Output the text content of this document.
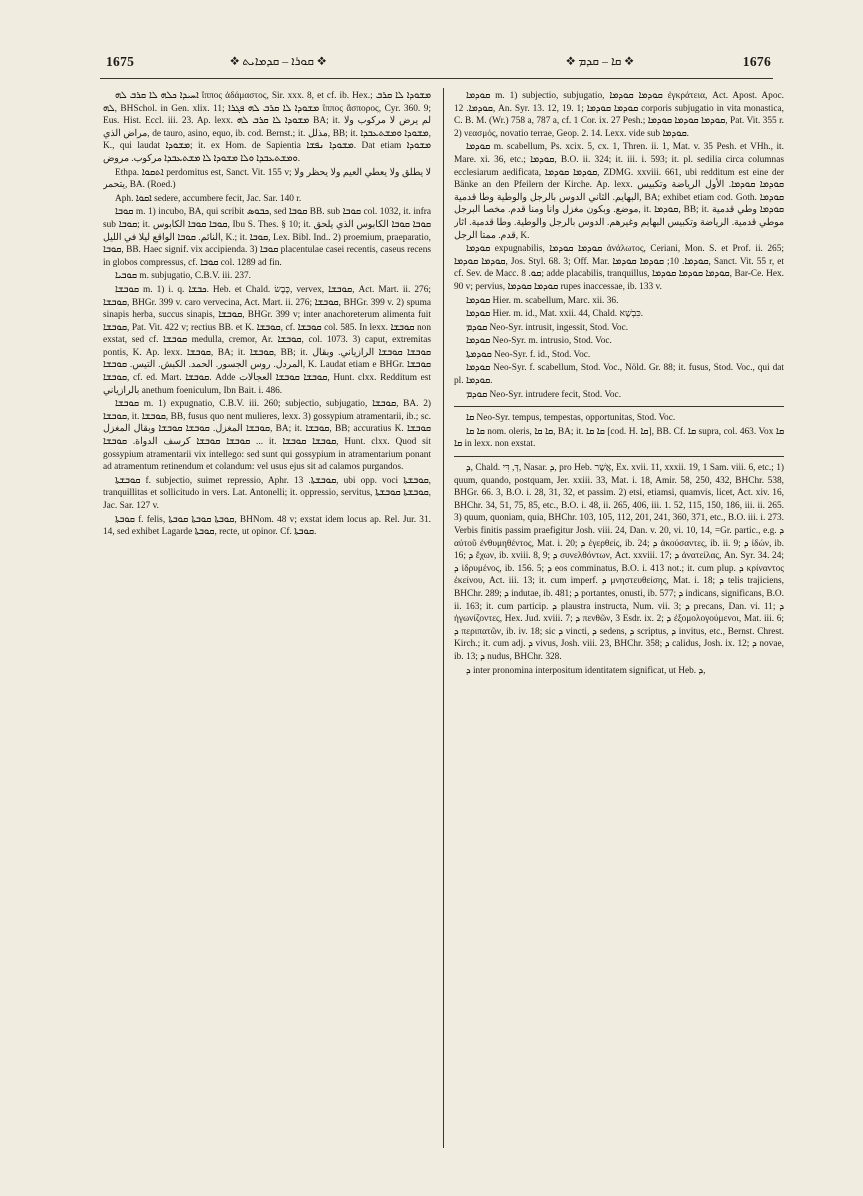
1675	❖ ܩܘܪܐ ‒ ܩܕܡܐܝܬ ❖	❖ ܩܐ ‒ ܩܕܡ ❖	1676

ܐܚܝܕܐ ܟܠܗ ܠܐ ܩܪܒ ܠܗ ἵππος ἀδάμαστος, Sir. xxx. 8, et cf. ib. Hex.; ܡܫܘܕܐ ܠܐ ܩܪܒ ܠܗ, BHSchol. in Gen. xlix. 11; ܡܫܘܕܐ ܠܐ ܩܪܒ ܠܗ ܦܓܪܐ ἵππος ἄσπορος, Cyr. 360. 9; Eus. Hist. Eccl. iii. 23. Ap. lexx. ܡܫܘܕܐ ܠܐ ܩܪܒ ܠܗ BA; it. لم يرض لا مركوب ولا مراض الذي, de tauro, asino, equo, ib. cod. Bernst.; it. مذلل, BB; it. ܡܫܘܕܐ ܘܡܫܬܥܒܕܐ, K., qui laudat ܡܫܘܕܐ; it. ex Hom. de Sapientia ܡܫܘܕܐ ܢܦܫܐ. Dat etiam ܡܫܘܕܐ ܘܡܫܬܥܒܕܐ ܘܠܐ ܡܫܘܕܐ ܠܐ ܡܫܬܥܒܕܐ مركوب. مروض.

Ethpa. ܐܬܩܘܐ perdomitus est, Sanct. Vit. 155 v; لا يطلق ولا يعطي العيم ولا يحظر ولا يتحمر, BA. (Roed.)

Aph. ܐܩܘܐ sedere, accumbere fecit, Jac. Sar. 140 r.

ܩܘܒܐ m. 1) incubo, BA, qui scribit ܟܒܘܣ, sed ܩܘܒܐ BB. sub ܩܘܒܐ col. 1032, it. infra sub ܩܘܒܐ; it. ܩܘܒܐ ܩܘܒܐ الكابوس, Ibu S. Thes. § 10; it. ܩܘܒܐ ܩܘܒܐ الكابوس الذي يلحق النائم. ܩܘܒܐ الواقع ليلا في الليل, K.; it. ܩܘܒܐ, Lex. Bibl. Ind.. 2) proemium, praeparatio, ܩܘܒܐ, BB. Haec signif. vix accipienda. 3) ܩܘܒܐ placentulae casei recentis, caseus recens in globos compressus, cf. ܩܘܒܐ col. 1289 ad fin.

ܩܘܒܝܐ m. subjugatio, C.B.V. iii. 237.

ܩܘܒܫܐ m. 1) i. q. ܟܒܫܐ. Heb. et Chald. כֶּבֶשׂ, vervex, ܩܘܒܫܐ, Act. Mart. ii. 276; ܩܘܒܫܐ, BHGr. 399 v. caro vervecina, Act. Mart. ii. 276; ܩܘܒܫܐ, BHGr. 399 v. 2) spuma sinapis herba, succus sinapis, ܩܘܒܫܐ, BHGr. 399 v; inter anachoreterum alimenta fuit ܩܘܒܫܐ, Pat. Vit. 422 v; rectius BB. et K. ܩܘܒܫܐ, cf. ܩܘܒܫܐ col. 585. In lexx. ܩܘܒܫܐ non exstat, sed cf. ܩܘܒܫܐ medulla, cremor, Ar. ܩܘܒܫܐ, col. 1073. 3) caput, extremitas pontis, K. Ap. lexx. ܩܘܒܫܐ, BA; it. ܩܘܒܫܐ, BB; it. ܩܘܒܫܐ ܩܘܒܫܐ الرازياني. وبقال المردل. روس الجسور. الحمد. الكبش. التيس. ܩܘܒܫܐ, K. Laudat etiam e BHGr. ܩܘܒܫܐ ܩܘܒܫܐ, cf. ed. Mart. ܩܘܒܫܐ. Adde ܩܘܒܫܐ ܩܘܒܫܐ العجالات, Hunt. clxx. Redditum est بالرازياني anethum foeniculum, Ibn Bait. i. 486.

ܩܘܒܫܐ m. 1) expugnatio, C.B.V. iii. 260; subjectio, subjugatio, ܩܘܒܫܐ, BA. 2) ܩܘܒܫܐ, it. ܩܘܒܫܐ, BB, fusus quo nent mulieres, lexx. 3) gossypium atramentarii, ib.; sc. ܩܘܒܫܐ المغزل. ܩܘܒܫܐ ܩܘܒܫܐ وبقال المغزل, BA; it. ܩܘܒܫܐ, BB; accuratius K. ܩܘܒܫܐ ܩܘܒܫܐ ܩܘܒܫܐ كرسف الدواة. ܩܘܒܫܐ ... it. ܩܘܒܫܐ ܩܘܒܫܐ, Hunt. clxx. Quod sit gossypium atramentarii vix intellego: sed sunt qui gossypium in atramentarium ponant ad atramentum retinendum et colandum: vel usus ejus sit ad calamos purgandos.

ܩܘܒܫܬܐ f. subjectio, suimet repressio, Aphr. ܩܘܒܫܬܐ. 13, ubi opp. voci ܩܘܒܫܬܐ, tranquillitas et sollicitudo in vers. Lat. Antonelli; it. oppressio, servitus, ܩܘܒܫܬܐ ܩܘܒܫܬܐ, Jac. Sar. 127 v.

ܩܘܒܬܐ f. felis, ܩܘܒܬܐ ܩܘܒܬܐ ܩܘܒܬܐ, BHNom. 48 v; exstat idem locus ap. Rel. Jur. 31. 14, sed exhibet Lagarde ܩܘܒܬܐ, recte, ut opinor. Cf. ܩܘܒܬܐ.

ܩܘܕܡܐ m. 1) subjectio, subjugatio, ܩܘܕܡܐ ܩܘܕܡܐ ἐγκράτεια, Act. Apost. Apoc. ܩܘܕܡܐ. 12, An. Syr. 13. 12, 19. 1; ܩܘܕܡܐ ܩܘܕܡܐ corporis subjugatio in vita monastica, C. B. M. (Wr.) 758 a, 787 a, cf. 1 Cor. ix. 27 Pesh.; ܩܘܕܡܐ ܩܘܕܡܐ ܩܘܕܡܐ, Pat. Vit. 355 r. 2) νεασμός, novatio terrae, Geop. 2. 14. Lexx. vide sub ܩܘܕܡܐ.

ܩܘܕܡܐ m. scabellum, Ps. xcix. 5, cx. 1, Thren. ii. 1, Mat. v. 35 Pesh. et VHh., it. Mare. xi. 36, etc.; ܩܘܕܡܐ, B.O. ii. 324; it. iii. i. 593; it. pl. sedilia circa columnas ecclesiarum aedificata, ܩܘܕܡܐ ܩܘܕܡܐ, ZDMG. xxviii. 661, ubi redditum est eine der Bänke an den Pfeilern der Kirche. Ap. lexx. ܩܘܕܡܐ ܩܘܕܡܐ. الأول الرياضة وتكبيس البهايم. الثاني الدوس بالرجل والوطية وطا قدمية, BA; exhibet etiam cod. Goth. ܩܘܕܡܐ موضع. وبكون مغزل وانا ومنا قدم. مخصا البرجل, it. ܩܘܕܡܐ, BB; it. ܩܘܕܡܐ وطي قدمية موطي قدمية. الرياضة وتكبيس البهايم وغيرهم. الدوس بالرجل والوطية. وطا قدمية. اثار قدم. ممتا الرجل, K.

ܩܘܕܡܐ expugnabilis, ܩܘܕܡܐ ܩܘܕܡܐ ἀνάλωτος, Ceriani, Mon. S. et Prof. ii. 265; ܩܘܕܡܐ ܩܘܕܡܐ, Jos. Styl. 68. 3; Off. Mar. ܩܘܕܡܐ. 10; ܩܘܕܡܐ ܩܘܕܡܐ, Sanct. Vit. 55 r, et cf. Sev. de Macc. ܩܘ. 8; adde placabilis, tranquillus, ܩܘܕܡܐ ܩܘܕܡܐ ܩܘܕܡܐ, Bar-Ce. Hex. 90 v; pervius, ܩܘܕܡܐ ܩܘܕܡܐ rupes inaccessae, ib. 133 v.

ܩܘܕܡܐ Hier. m. scabellum, Marc. xii. 36.

ܩܘܕܡܐ Hier. m. id., Mat. xxii. 44, Chald. כִּבְשָׁא.

ܩܘܕܡ Neo-Syr. intrusit, ingessit, Stod. Voc.

ܩܘܕܡܐ Neo-Syr. m. intrusio, Stod. Voc.

ܩܘܕܡܬܐ Neo-Syr. f. id., Stod. Voc.

ܩܘܕܡܐ Neo-Syr. f. scabellum, Stod. Voc., Nöld. Gr. 88; it. fusus, Stod. Voc., qui dat pl. ܩܘܕܡܐ.

ܩܘܕܡ Neo-Syr. intrudere fecit, Stod. Voc.

ܩܐ Neo-Syr. tempus, tempestas, opportunitas, Stod. Voc.

ܩܐ ܩܐ nom. oleris, ܩܐ ܩܐ, BA; it. ܩܐ ܩܐ [cod. H. ܩܐ], BB. Cf. ܩܐ supra, col. 463. Vox ܩܐ ܩܐ in lexx. non exstat.

ܕ, Chald. דְּ, דִּי, Nasar. ܕ, pro Heb. אֲשֶׁר, Ex. xvii. 11, xxxii. 19, 1 Sam. viii. 6, etc.; 1) quum, quando, postquam, Jer. xxiii. 33, Mat. i. 18, Amir. 58, 250, 432, BHChr. 538, BHGr. 66. 3, B.O. i. 28, 31, 32, et passim. 2) etsi, etiamsi, quamvis, licet, Act. xiv. 16, BHChr. 34, 51, 75, 85, etc., B.O. i. 48, ii. 265, 406, iii. 1. 52, 115, 150, 186, iii. ii. 265. 3) quum, quoniam, quia, BHChr. 103, 105, 112, 201, 241, 360, 371, etc., B.O. iii. i. 273. Verbis finitis passim praefigitur Josh. viii. 24, Dan. v. 20, vi. 10, 14, =Gr. partic., e.g. ܕ αὐτοῦ ἐνθυμηθέντος, Mat. i. 20; ܕ ἐγερθείς, ib. 24; ܕ ἀκούσαντες, ib. ii. 9; ܕ ἰδών, ib. 16; ܕ ἔχων, ib. xviii. 8, 9; ܕ συνελθόντων, Act. xxviii. 17; ܕ ἀνατείλας, An. Syr. 34. 24; ܕ ἱδρυμένος, ib. 156. 5; ܕ eos comminatus, B.O. i. 413 not.; it. cum plup. ܕ κρίναντος ἐκείνου, Act. iii. 13; it. cum imperf. ܕ μνηστευθείσης, Mat. i. 18; ܕ telis trajiciens, BHChr. 289; ܕ indutae, ib. 481; ܕ portantes, onusti, ib. 577; ܕ indicans, significans, B.O. ii. 163; it. cum particip. ܕ plaustra instructa, Num. vii. 3; ܕ precans, Dan. vi. 11; ܕ ἠγωνίζοντες, Hex. Jud. xviii. 7; ܕ πενθῶν, 3 Esdr. ix. 2; ܕ ἐξομολογούμενοι, Mat. iii. 6; ܕ περιπατῶν, ib. iv. 18; sic ܕ vincti, ܕ sedens, ܕ scriptus, ܕ invitus, etc., Bernst. Chrest. Kirch.; it. cum adj. ܕ vivus, Josh. viii. 23, BHChr. 358; ܕ calidus, Josh. ix. 12; ܕ novae, ib. 13; ܕ nudus, BHChr. 328.

ܕ inter pronomina interpositum identitatem significat, ut Heb. ܕ,
